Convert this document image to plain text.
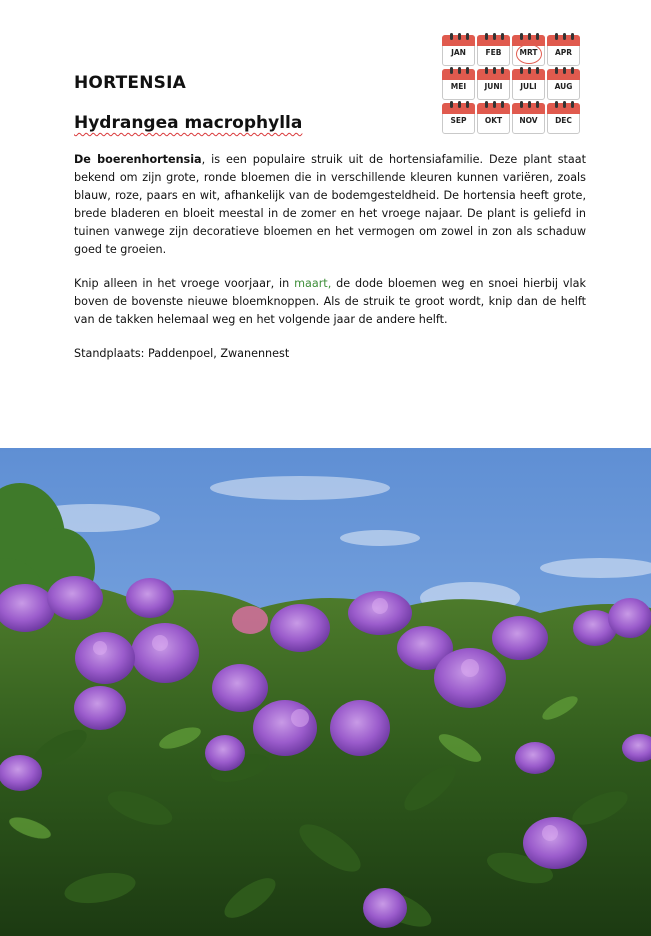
HORTENSIA
Hydrangea macrophylla
JAN	FEB	MRT	APR
MEI	JUNI	JULI	AUG
SEP	OKT	NOV	DEC

De boerenhortensia, is een populaire struik uit de hortensiafamilie. Deze plant staat bekend om zijn grote, ronde bloemen die in verschillende kleuren kunnen variëren, zoals blauw, roze, paars en wit, afhankelijk van de bodemgesteldheid. De hortensia heeft grote, brede bladeren en bloeit meestal in de zomer en het vroege najaar. De plant is geliefd in tuinen vanwege zijn decoratieve bloemen en het vermogen om zowel in zon als schaduw goed te groeien.

Knip alleen in het vroege voorjaar, in maart, de dode bloemen weg en snoei hierbij vlak boven de bovenste nieuwe bloemknoppen. Als de struik te groot wordt, knip dan de helft van de takken helemaal weg en het volgende jaar de andere helft.

Standplaats: Paddenpoel, Zwanennest
